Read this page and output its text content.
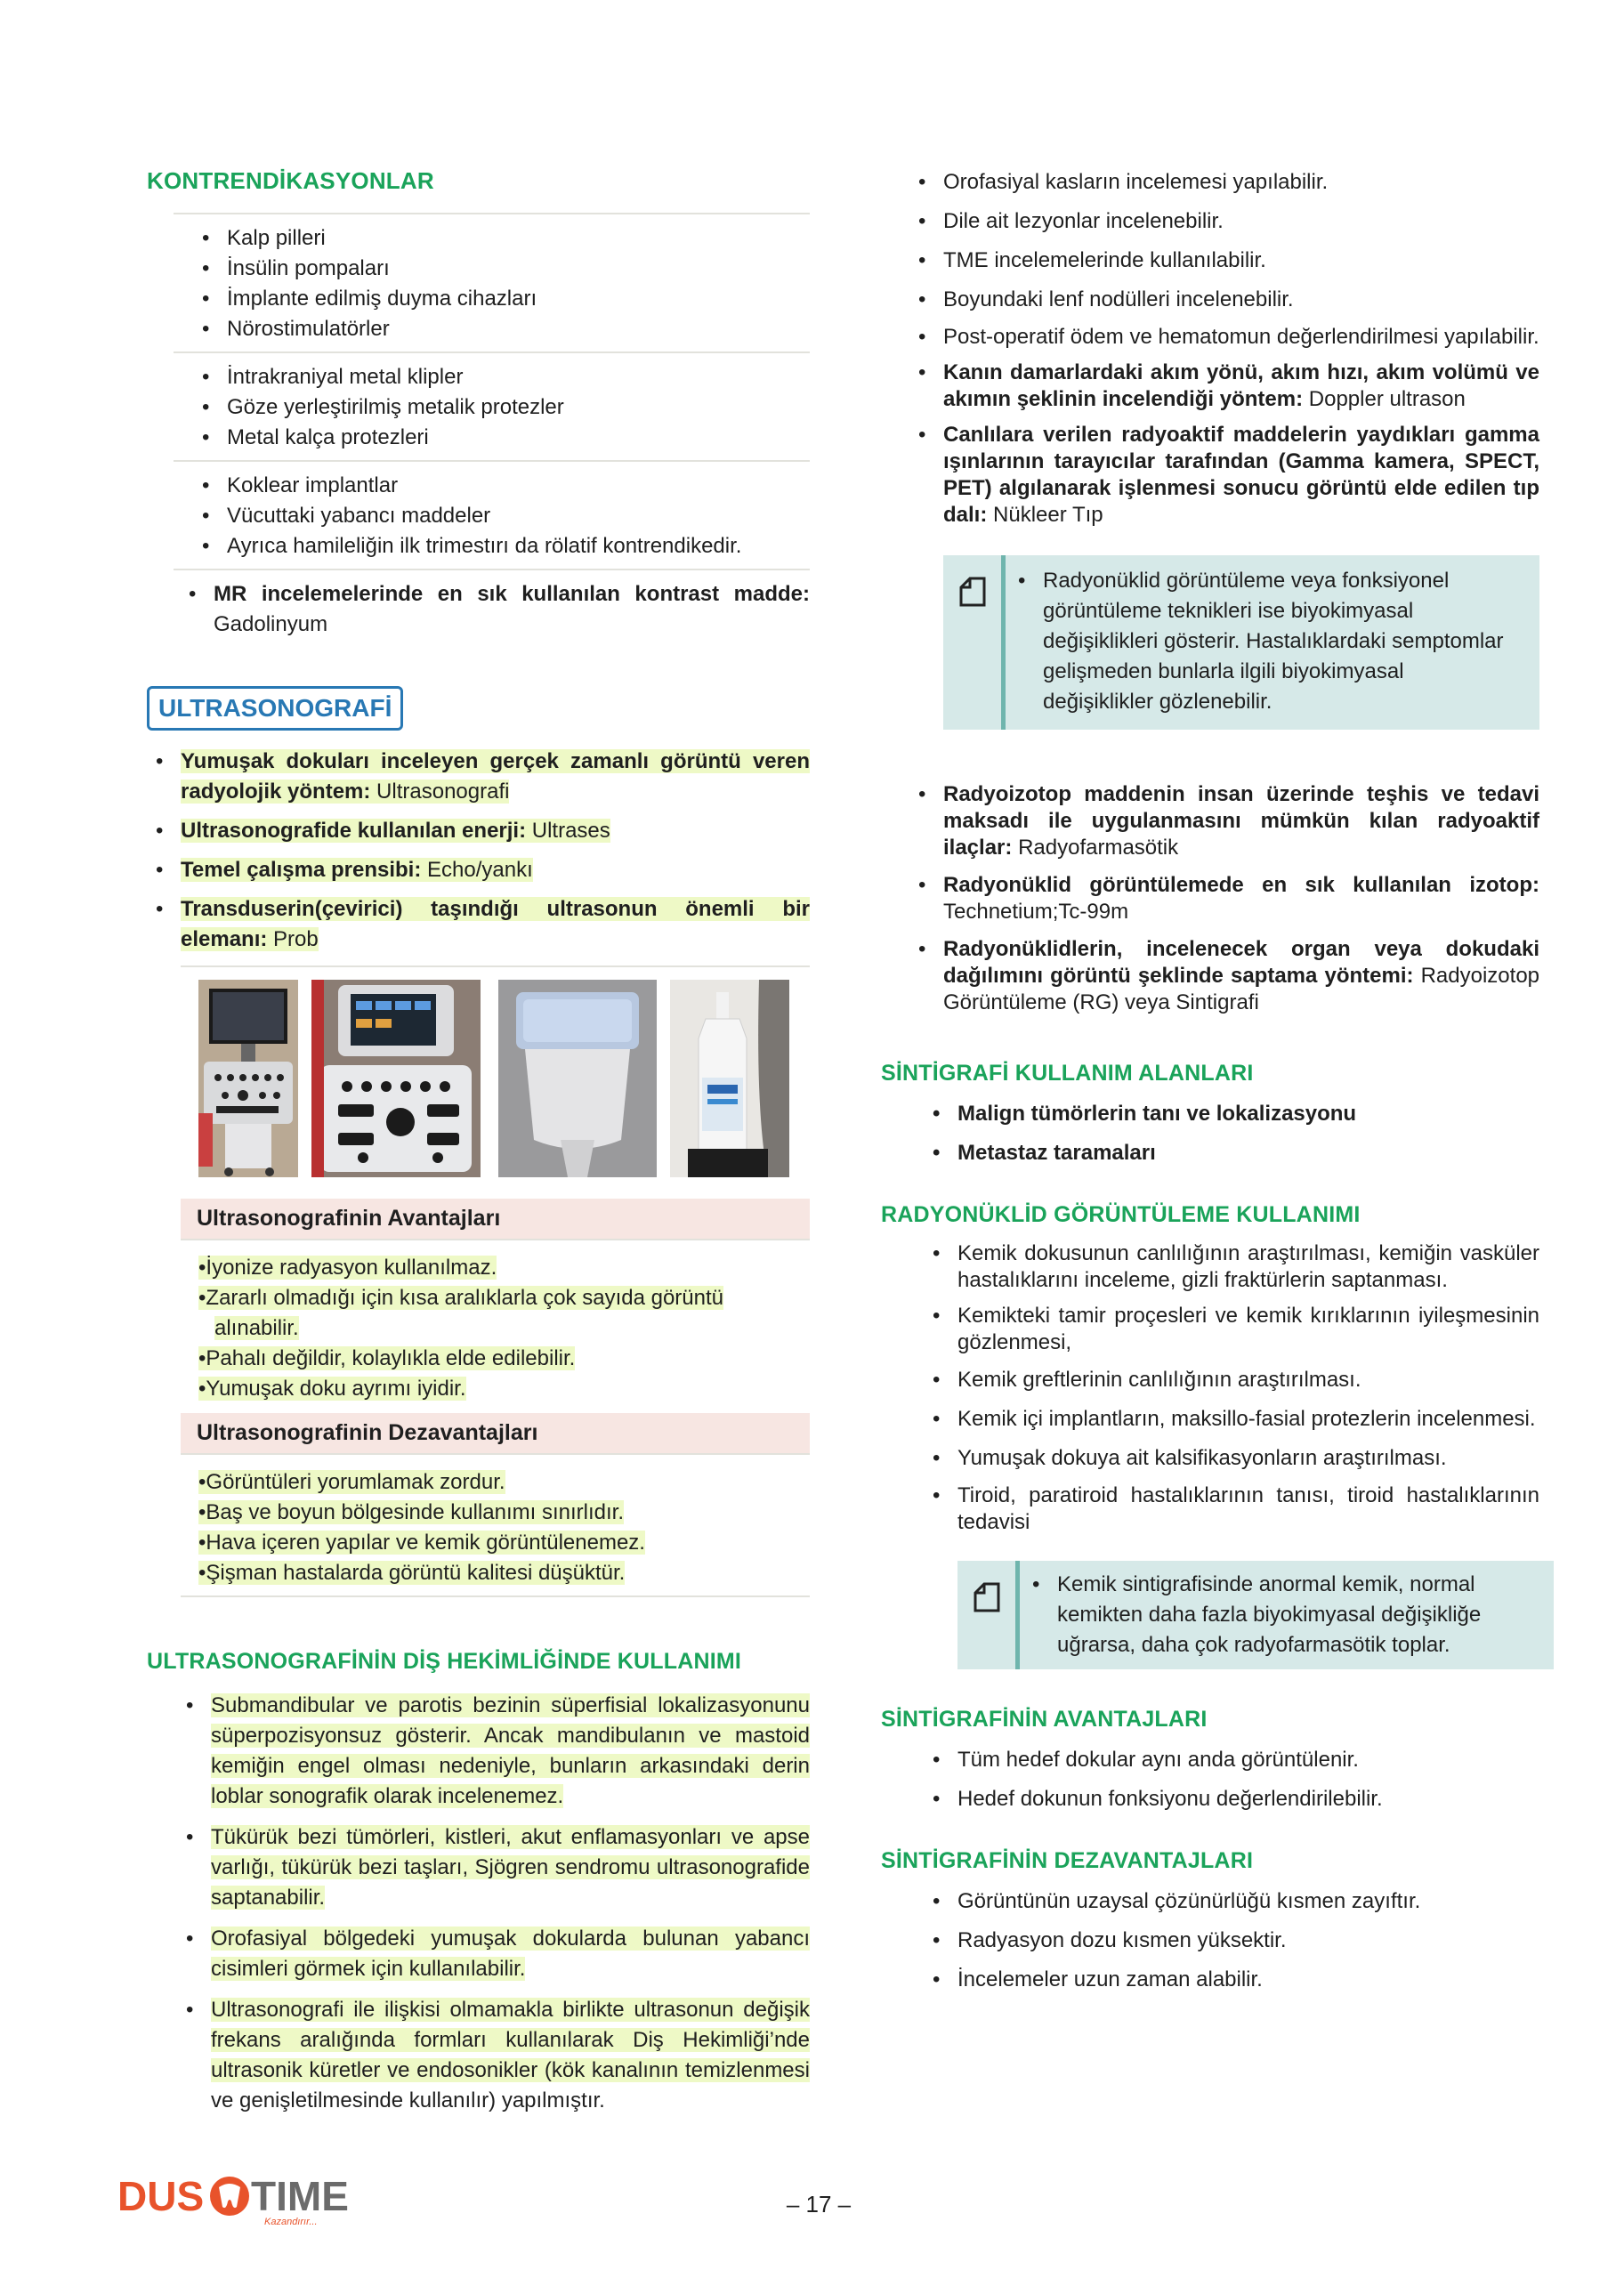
KONTRENDİKASYONLAR
• Kalp pilleri
• İnsülin pompaları
• İmplante edilmiş duyma cihazları
• Nörostimulatörler
• İntrakraniyal metal klipler
• Göze yerleştirilmiş metalik protezler
• Metal kalça protezleri
• Koklear implantlar
• Vücuttaki yabancı maddeler
• Ayrıca hamileliğin ilk trimestırı da rölatif kontrendikedir.
• MR incelemelerinde en sık kullanılan kontrast madde: Gadolinyum
ULTRASONOGRAFİ
• Yumuşak dokuları inceleyen gerçek zamanlı görüntü veren radyolojik yöntem: Ultrasonografi
• Ultrasonografide kullanılan enerji: Ultrases
• Temel çalışma prensibi: Echo/yankı
• Transduserin(çevirici) taşındığı ultrasonun önemli bir elemanı: Prob
Ultrasonografinin Avantajları
•İyonize radyasyon kullanılmaz.
•Zararlı olmadığı için kısa aralıklarla çok sayıda görüntü alınabilir.
•Pahalı değildir, kolaylıkla elde edilebilir.
•Yumuşak doku ayrımı iyidir.
Ultrasonografinin Dezavantajları
•Görüntüleri yorumlamak zordur.
•Baş ve boyun bölgesinde kullanımı sınırlıdır.
•Hava içeren yapılar ve kemik görüntülenemez.
•Şişman hastalarda görüntü kalitesi düşüktür.
ULTRASONOGRAFİNİN DİŞ HEKİMLİĞİNDE KULLANIMI
• Submandibular ve parotis bezinin süperfisial lokalizasyonunu süperpozisyonsuz gösterir. Ancak mandibulanın ve mastoid kemiğin engel olması nedeniyle, bunların arkasındaki derin loblar sonografik olarak incelenemez.
• Tükürük bezi tümörleri, kistleri, akut enflamasyonları ve apse varlığı, tükürük bezi taşları, Sjögren sendromu ultrasonografide saptanabilir.
• Orofasiyal bölgedeki yumuşak dokularda bulunan yabancı cisimleri görmek için kullanılabilir.
• Ultrasonografi ile ilişkisi olmamakla birlikte ultrasonun değişik frekans aralığında formları kullanılarak Diş Hekimliği’nde ultrasonik küretler ve endosonikler (kök kanalının temizlenmesi ve genişletilmesinde kullanılır) yapılmıştır.
• Orofasiyal kasların incelemesi yapılabilir.
• Dile ait lezyonlar incelenebilir.
• TME incelemelerinde kullanılabilir.
• Boyundaki lenf nodülleri incelenebilir.
• Post-operatif ödem ve hematomun değerlendirilmesi yapılabilir.
• Kanın damarlardaki akım yönü, akım hızı, akım volümü ve akımın şeklinin incelendiği yöntem: Doppler ultrason
• Canlılara verilen radyoaktif maddelerin yaydıkları gamma ışınlarının tarayıcılar tarafından (Gamma kamera, SPECT, PET) algılanarak işlenmesi sonucu görüntü elde edilen tıp dalı: Nükleer Tıp
• Radyonüklid görüntüleme veya fonksiyonel görüntüleme teknikleri ise biyokimyasal değişiklikleri gösterir. Hastalıklardaki semptomlar gelişmeden bunlarla ilgili biyokimyasal değişiklikler gözlenebilir.
• Radyoizotop maddenin insan üzerinde teşhis ve tedavi maksadı ile uygulanmasını mümkün kılan radyoaktif ilaçlar: Radyofarmasötik
• Radyonüklid görüntülemede en sık kullanılan izotop: Technetium;Tc-99m
• Radyonüklidlerin, incelenecek organ veya dokudaki dağılımını görüntü şeklinde saptama yöntemi: Radyoizotop Görüntüleme (RG) veya Sintigrafi
SİNTİGRAFİ KULLANIM ALANLARI
• Malign tümörlerin tanı ve lokalizasyonu
• Metastaz taramaları
RADYONÜKLİD GÖRÜNTÜLEME KULLANIMI
• Kemik dokusunun canlılığının araştırılması, kemiğin vasküler hastalıklarını inceleme, gizli fraktürlerin saptanması.
• Kemikteki tamir proçesleri ve kemik kırıklarının iyileşmesinin gözlenmesi,
• Kemik greftlerinin canlılığının araştırılması.
• Kemik içi implantların, maksillo-fasial protezlerin incelenmesi.
• Yumuşak dokuya ait kalsifikasyonların araştırılması.
• Tiroid, paratiroid hastalıklarının tanısı, tiroid hastalıklarının tedavisi
• Kemik sintigrafisinde anormal kemik, normal kemikten daha fazla biyokimyasal değişikliğe uğrarsa, daha çok radyofarmasötik toplar.
SİNTİGRAFİNİN AVANTAJLARI
• Tüm hedef dokular aynı anda görüntülenir.
• Hedef dokunun fonksiyonu değerlendirilebilir.
SİNTİGRAFİNİN DEZAVANTAJLARI
• Görüntünün uzaysal çözünürlüğü kısmen zayıftır.
• Radyasyon dozu kısmen yüksektir.
• İncelemeler uzun zaman alabilir.
DUS TIME
Kazandırır...
– 17 –
